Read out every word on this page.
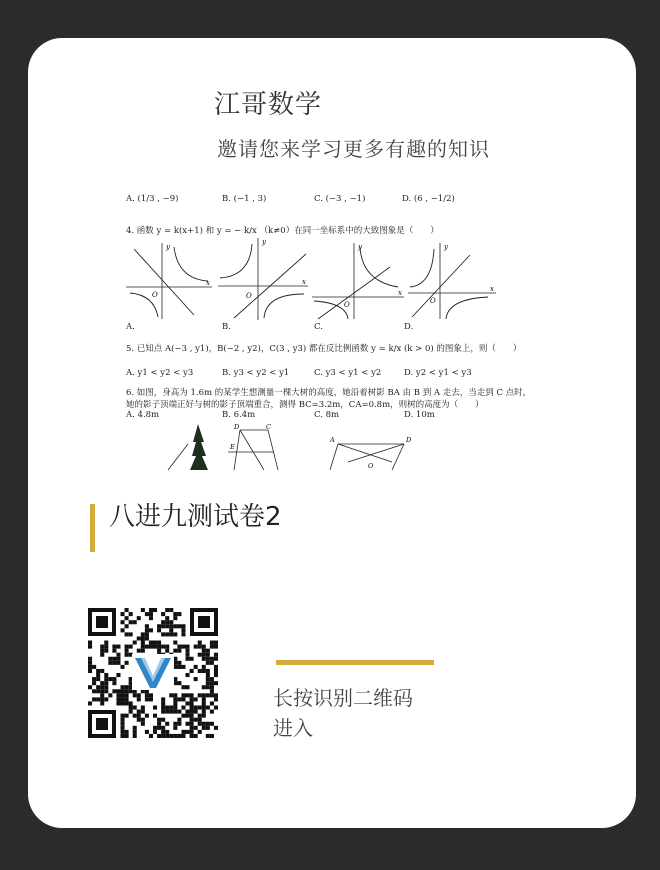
江哥数学
邀请您来学习更多有趣的知识
A. (1/3 , −9)	B. (−1 , 3)	C. (−3 , −1)	D. (6 , −1/2)
4. 函数 y = k(x+1) 和 y = − k/x （k≠0）在同一坐标系中的大致图象是（　　）
x
y
O
x
y
O	x
y
O
x
y
O
A.	B.	C.	D.
5. 已知点 A(−3 , y1)，B(−2 , y2)，C(3 , y3) 都在反比例函数 y = k/x (k > 0) 的图象上，则（　　）
A. y1 < y2 < y3	B. y3 < y2 < y1	C. y3 < y1 < y2	D. y2 < y1 < y3
6. 如图，身高为 1.6m 的某学生想测量一棵大树的高度，她沿着树影 BA 由 B 到 A 走去，当走到 C 点时，
她的影子顶端正好与树的影子顶端重合，测得 BC=3.2m，CA=0.8m，则树的高度为（　　）
A. 4.8m	B. 6.4m	C. 8m	D. 10m
D	C
E
A	D
O
八进九测试卷2
长按识别二维码
进入
